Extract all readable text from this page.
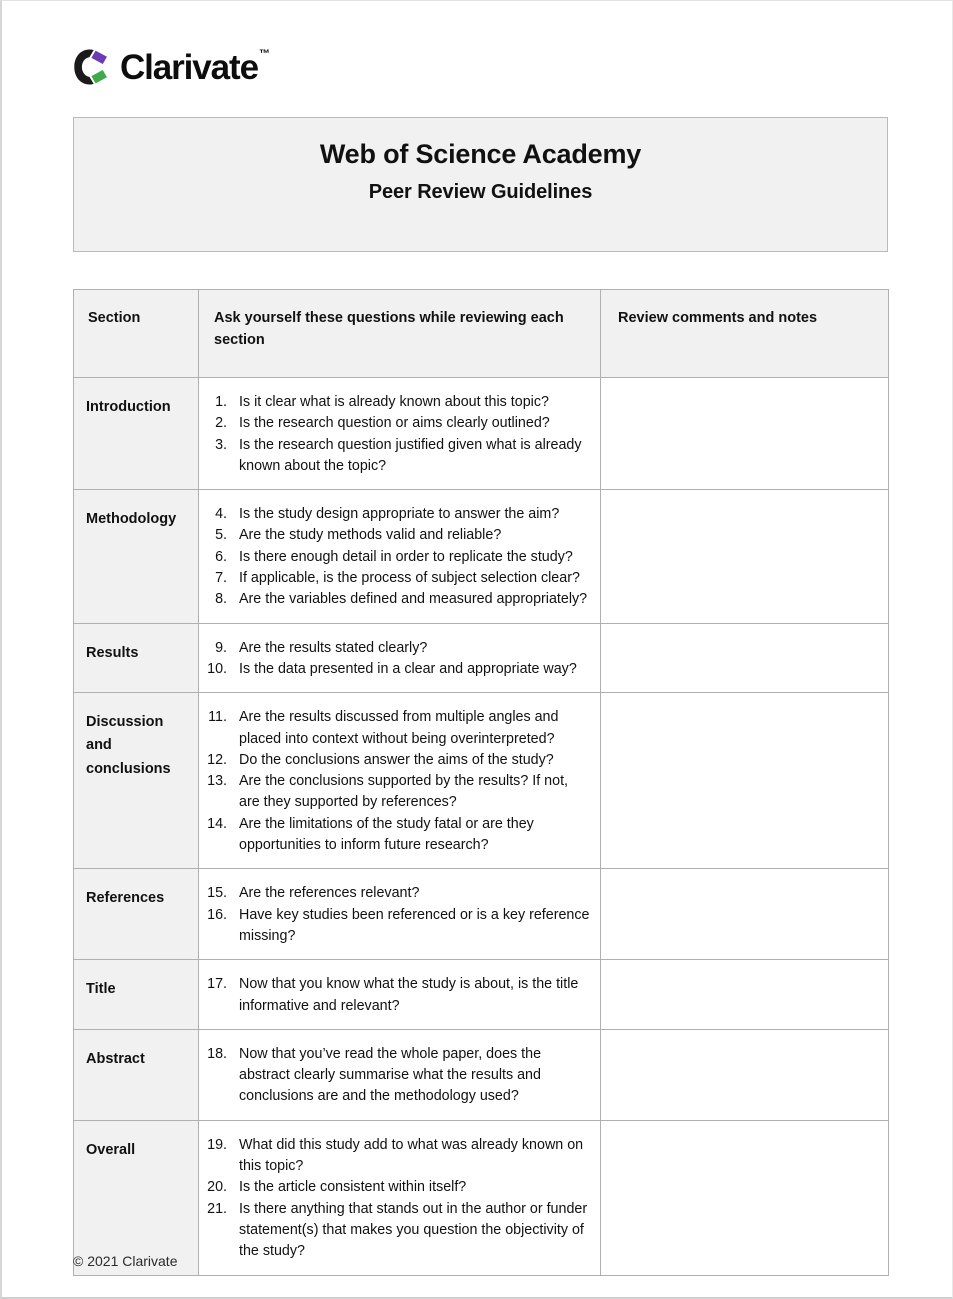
Clarivate™
Web of Science Academy
Peer Review Guidelines
Section	Ask yourself these questions while reviewing each section	Review comments and notes
Introduction	1. Is it clear what is already known about this topic?
2. Is the research question or aims clearly outlined?
3. Is the research question justified given what is already known about the topic?

Methodology	4. Is the study design appropriate to answer the aim?
5. Are the study methods valid and reliable?
6. Is there enough detail in order to replicate the study?
7. If applicable, is the process of subject selection clear?
8. Are the variables defined and measured appropriately?

Results	9. Are the results stated clearly?
10. Is the data presented in a clear and appropriate way?

Discussion and conclusions	
11. Are the results discussed from multiple angles and placed into context without being overinterpreted?
12. Do the conclusions answer the aims of the study?
13. Are the conclusions supported by the results? If not, are they supported by references?
14. Are the limitations of the study fatal or are they opportunities to inform future research?

References	15. Are the references relevant?
16. Have key studies been referenced or is a key reference missing?

Title	17. Now that you know what the study is about, is the title informative and relevant?

Abstract	18. Now that you’ve read the whole paper, does the abstract clearly summarise what the results and conclusions are and the methodology used?

Overall	19. What did this study add to what was already known on this topic?
20. Is the article consistent within itself?
21. Is there anything that stands out in the author or funder statement(s) that makes you question the objectivity of the study?

© 2021 Clarivate
